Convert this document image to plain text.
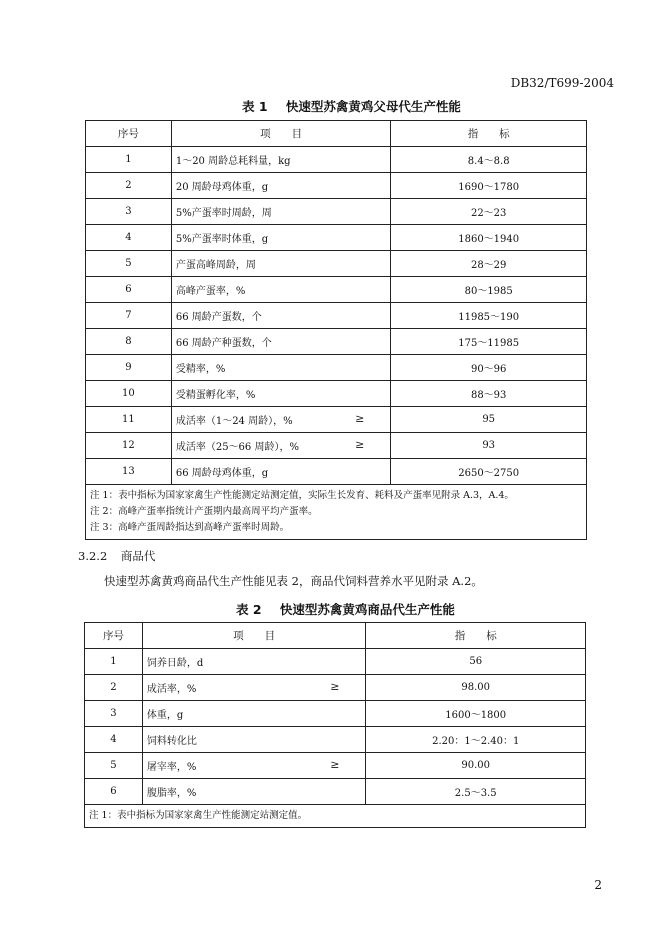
DB32/T699-2004
表 1 快速型苏禽黄鸡父母代生产性能
序号	项　　目	指　　标
1	1～20 周龄总耗料量，kg	8.4～8.8
2	20 周龄母鸡体重，g	1690～1780
3	5%产蛋率时周龄，周	22～23
4	5%产蛋率时体重，g	1860～1940
5	产蛋高峰周龄，周	28～29
6	高峰产蛋率，%	80～1985
7	66 周龄产蛋数，个	11985～190
8	66 周龄产种蛋数，个	175～11985
9	受精率，%	90～96
10	受精蛋孵化率，%	88～93
11	成活率（1～24 周龄），% ≥	95
12	成活率（25～66 周龄），% ≥	93
13	66 周龄母鸡体重，g	2650～2750

注 1：表中指标为国家家禽生产性能测定站测定值，实际生长发育、耗料及产蛋率见附录 A.3，A.4。
注 2：高峰产蛋率指统计产蛋期内最高周平均产蛋率。
注 3：高峰产蛋周龄指达到高峰产蛋率时周龄。		
3.2.2 商品代
快速型苏禽黄鸡商品代生产性能见表 2，商品代饲料营养水平见附录 A.2。
表 2 快速型苏禽黄鸡商品代生产性能
序号	项　　目	指　　标
1	饲养日龄，d	56
2	成活率，% ≥	98.00
3	体重，g	1600～1800
4	饲料转化比	2.20：1～2.40：1
5	屠宰率，% ≥	90.00
6	腹脂率，%	2.5～3.5

注 1：表中指标为国家家禽生产性能测定站测定值。		
2
